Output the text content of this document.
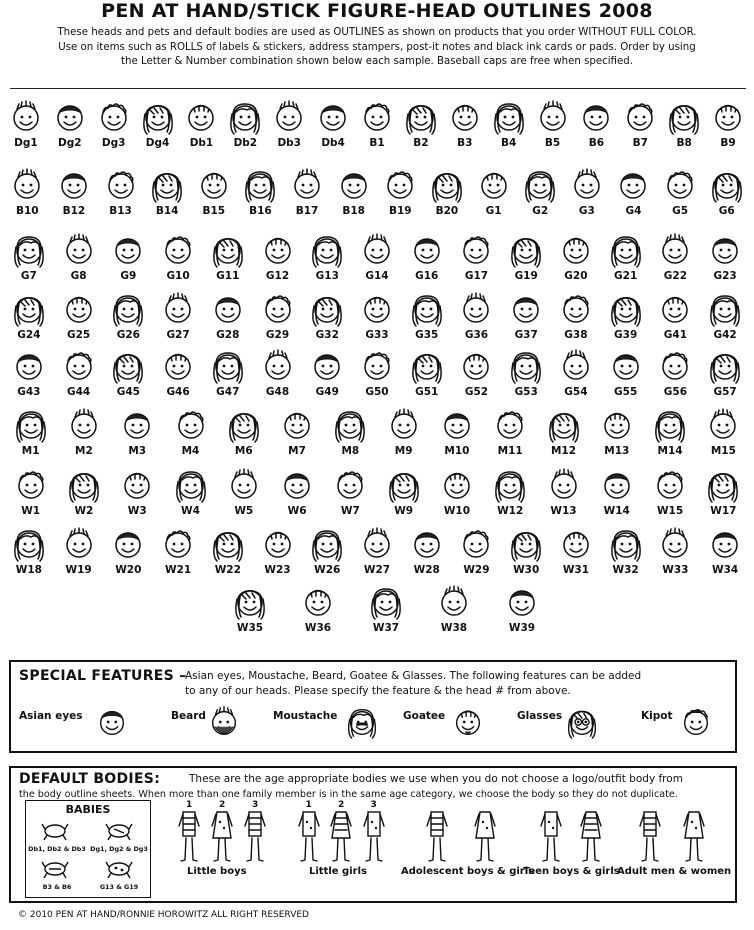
PEN AT HAND/STICK FIGURE-HEAD OUTLINES 2008
These heads and pets and default bodies are used as OUTLINES as shown on products that you order WITHOUT FULL COLOR.
Use on items such as ROLLS of labels & stickers, address stampers, post-it notes and black ink cards or pads. Order by using
the Letter & Number combination shown below each sample. Baseball caps are free when specified.
Dg1	Dg2	Dg3	Dg4	Db1	Db2	Db3	Db4	B1	B2	B3	B4	B5	B6	B7	B8	B9
B10	B12	B13	B14	B15	B16	B17	B18	B19	B20	G1	G2	G3	G4	G5	G6
G7	G8	G9	G10	G11	G12	G13	G14	G16	G17	G19	G20	G21	G22	G23
G24	G25	G26	G27	G28	G29	G32	G33	G35	G36	G37	G38	G39	G41	G42
G43	G44	G45	G46	G47	G48	G49	G50	G51	G52	G53	G54	G55	G56	G57
M1	M2	M3	M4	M6	M7	M8	M9	M10	M11	M12	M13	M14	M15
W1	W2	W3	W4	W5	W6	W7	W9	W10	W12	W13	W14	W15	W17
W18	W19	W20	W21	W22	W23	W26	W27	W28	W29	W30	W31	W32	W33	W34
W35	W36	W37	W38	W39
SPECIAL FEATURES –
Asian eyes, Moustache, Beard, Goatee & Glasses. The following features can be added
to any of our heads. Please specify the feature & the head # from above.
Asian eyes	Beard	Moustache	Goatee	Glasses	Kipot
DEFAULT BODIES:	These are the age appropriate bodies we use when you do not choose a logo/outfit body from
the body outline sheets. When more than one family member is in the same age category, we choose the body so they do not duplicate.
BABIES
Db1, Db2 & Db3 Dg1, Dg2 & Dg3
B3 & B6	G13 & G19
1	2	3
Little boys
1	2	3
Little girls	Adolescent boys & girls
Teen boys & girls
Adult men & women
© 2010 PEN AT HAND/RONNIE HOROWITZ ALL RIGHT RESERVED
